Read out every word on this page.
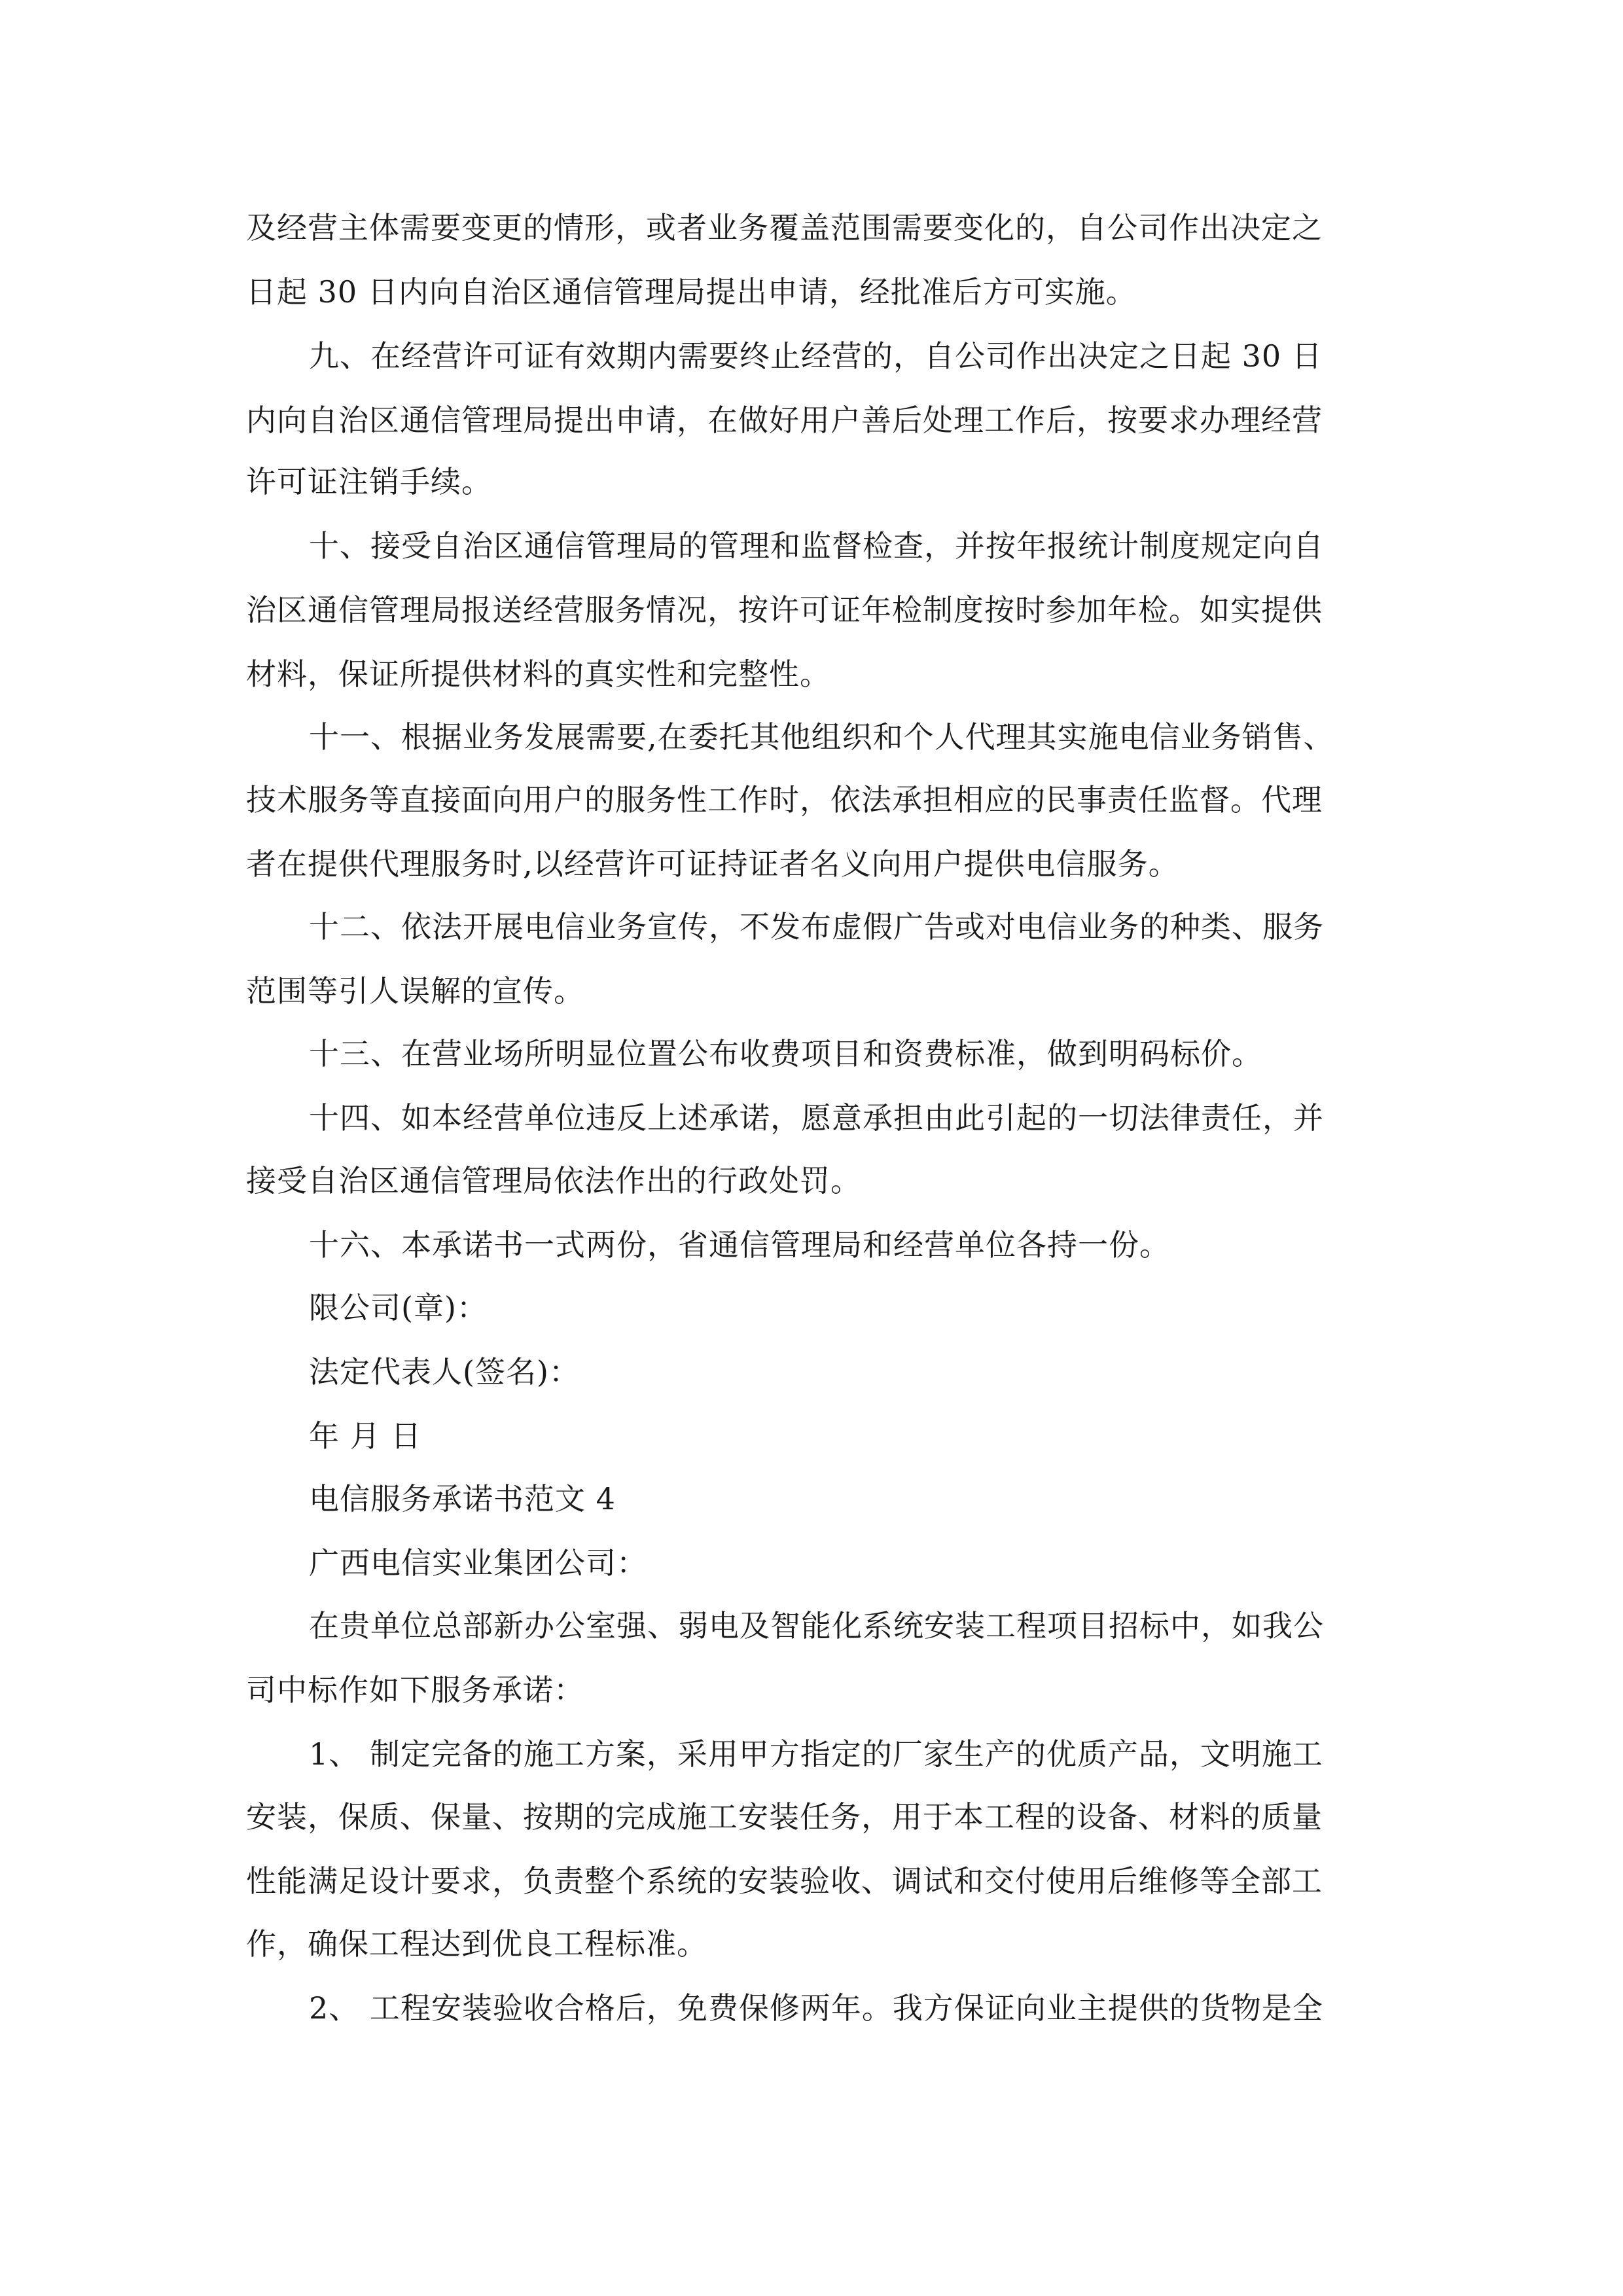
及经营主体需要变更的情形，或者业务覆盖范围需要变化的，自公司作出决定之
日起 30 日内向自治区通信管理局提出申请，经批准后方可实施。
九、在经营许可证有效期内需要终止经营的，自公司作出决定之日起 30 日
内向自治区通信管理局提出申请，在做好用户善后处理工作后，按要求办理经营
许可证注销手续。
十、接受自治区通信管理局的管理和监督检查，并按年报统计制度规定向自
治区通信管理局报送经营服务情况，按许可证年检制度按时参加年检。如实提供
材料，保证所提供材料的真实性和完整性。
十一、根据业务发展需要,在委托其他组织和个人代理其实施电信业务销售、
技术服务等直接面向用户的服务性工作时，依法承担相应的民事责任监督。代理
者在提供代理服务时,以经营许可证持证者名义向用户提供电信服务。
十二、依法开展电信业务宣传，不发布虚假广告或对电信业务的种类、服务
范围等引人误解的宣传。
十三、在营业场所明显位置公布收费项目和资费标准，做到明码标价。
十四、如本经营单位违反上述承诺，愿意承担由此引起的一切法律责任，并
接受自治区通信管理局依法作出的行政处罚。
十六、本承诺书一式两份，省通信管理局和经营单位各持一份。
限公司(章)：
法定代表人(签名)：
年 月 日
电信服务承诺书范文 4
广西电信实业集团公司：
在贵单位总部新办公室强、弱电及智能化系统安装工程项目招标中，如我公
司中标作如下服务承诺：
1、 制定完备的施工方案，采用甲方指定的厂家生产的优质产品，文明施工
安装，保质、保量、按期的完成施工安装任务，用于本工程的设备、材料的质量
性能满足设计要求，负责整个系统的安装验收、调试和交付使用后维修等全部工
作，确保工程达到优良工程标准。
2、 工程安装验收合格后，免费保修两年。我方保证向业主提供的货物是全
